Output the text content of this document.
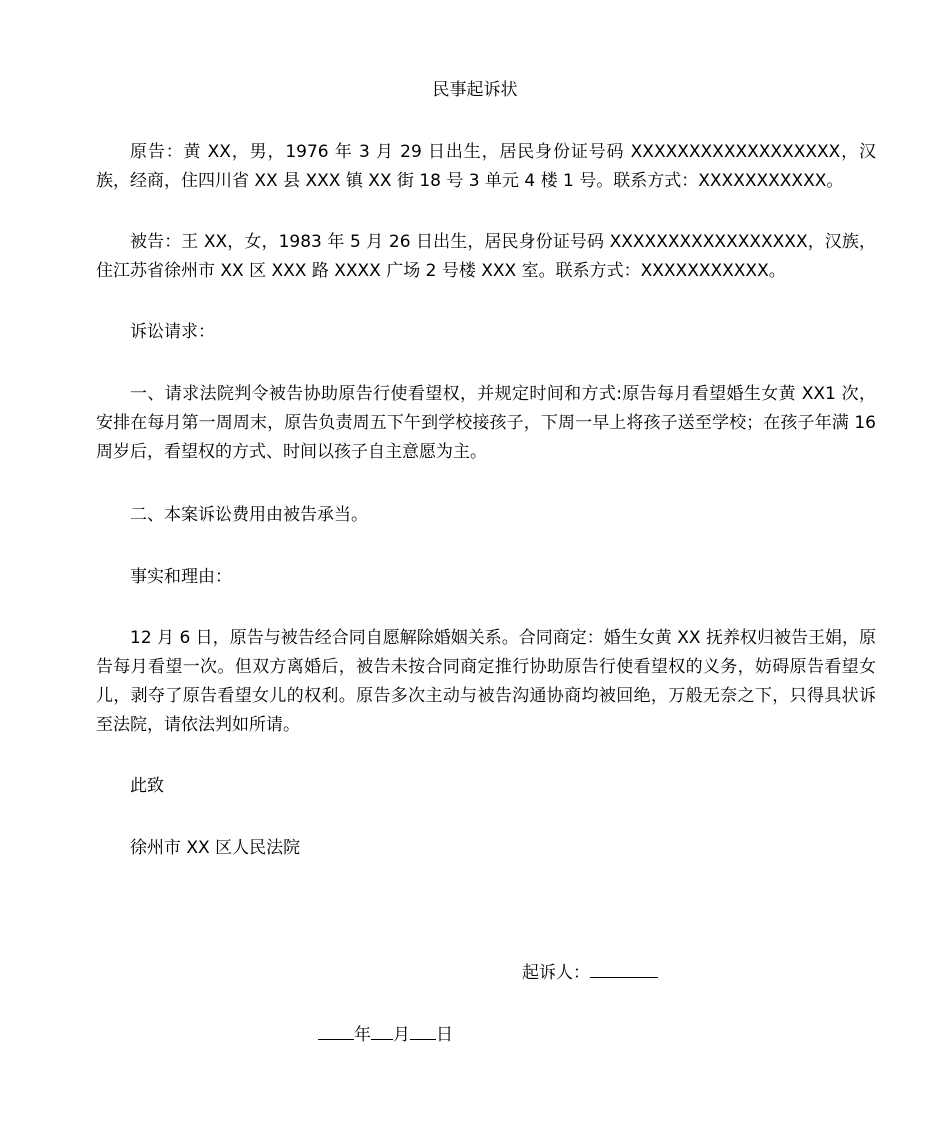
民事起诉状
原告：黄 XX，男，1976 年 3 月 29 日出生，居民身份证号码 XXXXXXXXXXXXXXXXXX，汉族，经商，住四川省 XX 县 XXX 镇 XX 街 18 号 3 单元 4 楼 1 号。联系方式：XXXXXXXXXXX。
被告：王 XX，女，1983 年 5 月 26 日出生，居民身份证号码 XXXXXXXXXXXXXXXXX，汉族，住江苏省徐州市 XX 区 XXX 路 XXXX 广场 2 号楼 XXX 室。联系方式：XXXXXXXXXXX。
诉讼请求：
一、请求法院判令被告协助原告行使看望权，并规定时间和方式:原告每月看望婚生女黄 XX1 次，安排在每月第一周周末，原告负责周五下午到学校接孩子，下周一早上将孩子送至学校；在孩子年满 16 周岁后，看望权的方式、时间以孩子自主意愿为主。
二、本案诉讼费用由被告承当。
事实和理由：
12 月 6 日，原告与被告经合同自愿解除婚姻关系。合同商定：婚生女黄 XX 抚养权归被告王娟，原告每月看望一次。但双方离婚后，被告未按合同商定推行协助原告行使看望权的义务，妨碍原告看望女儿，剥夺了原告看望女儿的权利。原告多次主动与被告沟通协商均被回绝，万般无奈之下，只得具状诉至法院，请依法判如所请。
此致
徐州市 XX 区人民法院
起诉人：
年 月 日
